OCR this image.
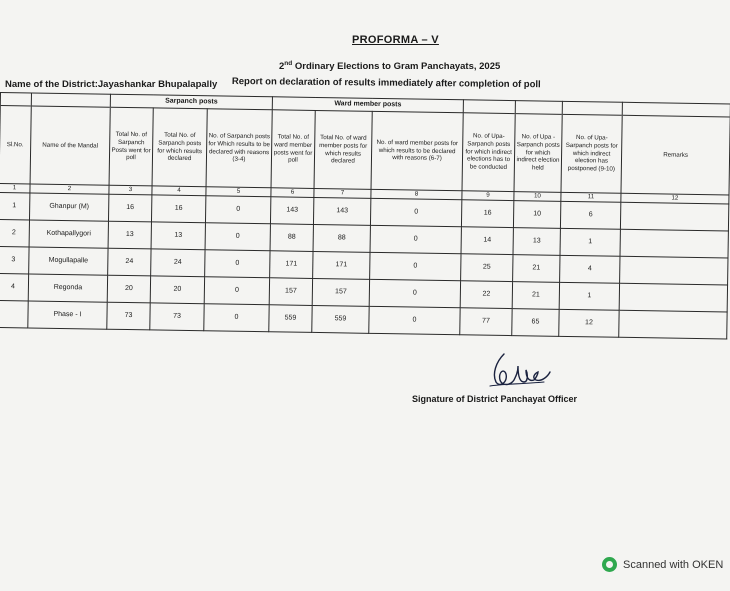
PROFORMA – V
2nd Ordinary Elections to Gram Panchayats, 2025
Report on declaration of results immediately after completion of poll
Name of the District:Jayashankar Bhupalapally
		Sarpanch posts			Ward member posts						
Sl.No.	Name of the Mandal	Total No. of Sarpanch Posts went for poll	Total No. of Sarpanch posts for which results declared	No. of Sarpanch posts for Which results to be declared with reasons (3-4)	Total No. of ward member posts went for poll	Total No. of ward member posts for which results declared	No. of ward member posts for which results to be declared with reasons (6-7)	No. of Upa-Sarpanch posts for which indirect elections has to be conducted	No. of Upa -Sarpanch posts for which indirect election held	No. of Upa-Sarpanch posts for which indirect election has postponed (9-10)	Remarks
1	2	3	4	5	6	7	8	9	10	11	12
1	Ghanpur (M)	16	16	0	143	143	0	16	10	6	
2	Kothapallygori	13	13	0	88	88	0	14	13	1	
3	Mogullapalle	24	24	0	171	171	0	25	21	4	
4	Regonda	20	20	0	157	157	0	22	21	1	
	Phase - I	73	73	0	559	559	0	77	65	12	
Signature of District Panchayat Officer
Scanned with OKEN
